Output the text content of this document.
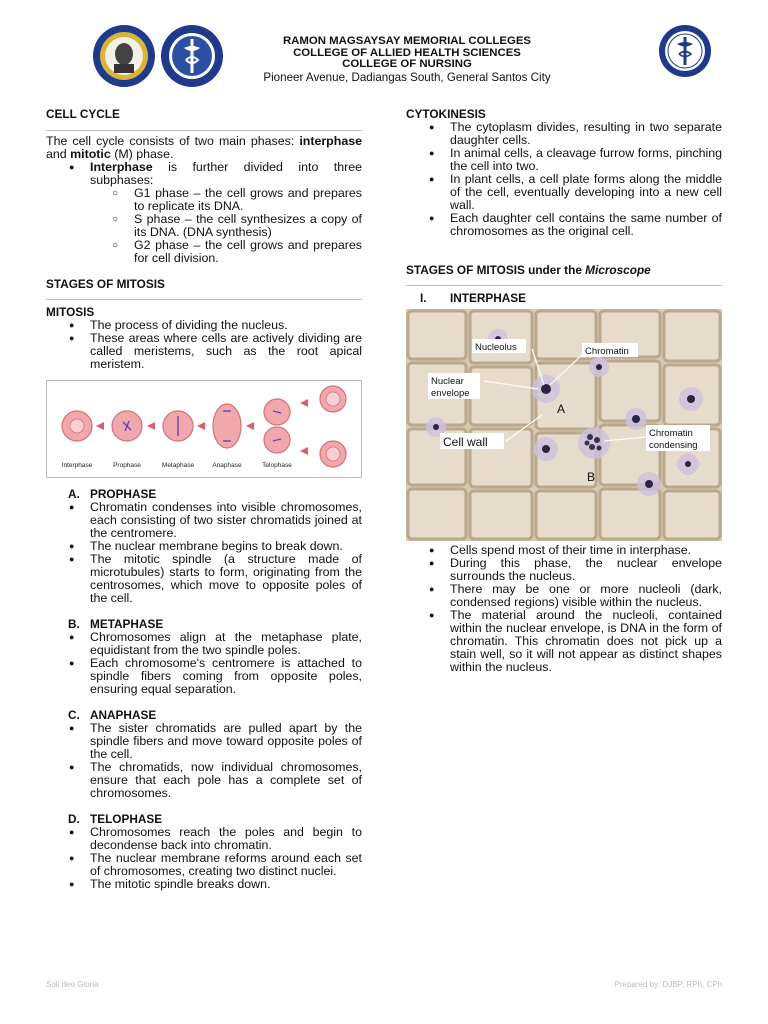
RAMON MAGSAYSAY MEMORIAL COLLEGES
COLLEGE OF ALLIED HEALTH SCIENCES
COLLEGE OF NURSING
Pioneer Avenue, Dadiangas South, General Santos City
CELL CYCLE

The cell cycle consists of two main phases: interphase and mitotic (M) phase.

● Interphase is further divided into three subphases:
○ G1 phase – the cell grows and prepares to replicate its DNA.
○ S phase – the cell synthesizes a copy of its DNA. (DNA synthesis)
○ G2 phase – the cell grows and prepares for cell division.
STAGES OF MITOSIS
MITOSIS
● The process of dividing the nucleus.
● These areas where cells are actively dividing are called meristems, such as the root apical meristem.
Interphase	Prophase	Metaphase	Anaphase	Telophase
A. PROPHASE
● Chromatin condenses into visible chromosomes, each consisting of two sister chromatids joined at the centromere.
● The nuclear membrane begins to break down.
● The mitotic spindle (a structure made of microtubules) starts to form, originating from the centrosomes, which move to opposite poles of the cell.
B. METAPHASE
● Chromosomes align at the metaphase plate, equidistant from the two spindle poles.
● Each chromosome's centromere is attached to spindle fibers coming from opposite poles, ensuring equal separation.
C. ANAPHASE
● The sister chromatids are pulled apart by the spindle fibers and move toward opposite poles of the cell.
● The chromatids, now individual chromosomes, ensure that each pole has a complete set of chromosomes.
D. TELOPHASE
● Chromosomes reach the poles and begin to decondense back into chromatin.
● The nuclear membrane reforms around each set of chromosomes, creating two distinct nuclei.
● The mitotic spindle breaks down.
CYTOKINESIS
● The cytoplasm divides, resulting in two separate daughter cells.
● In animal cells, a cleavage furrow forms, pinching the cell into two.
● In plant cells, a cell plate forms along the middle of the cell, eventually developing into a new cell wall.
● Each daughter cell contains the same number of chromosomes as the original cell.
STAGES OF MITOSIS under the Microscope
I.	INTERPHASE
Nucleolus	Chromatin
Nuclear
envelope
A
Cell wall
Chromatin
condensing
B
● Cells spend most of their time in interphase.
● During this phase, the nuclear envelope surrounds the nucleus.
● There may be one or more nucleoli (dark, condensed regions) visible within the nucleus.
● The material around the nucleoli, contained within the nuclear envelope, is DNA in the form of chromatin. This chromatin does not pick up a stain well, so it will not appear as distinct shapes within the nucleus.
Soli deo Gloria	Prepared by: DJBP, RPh, CPh
